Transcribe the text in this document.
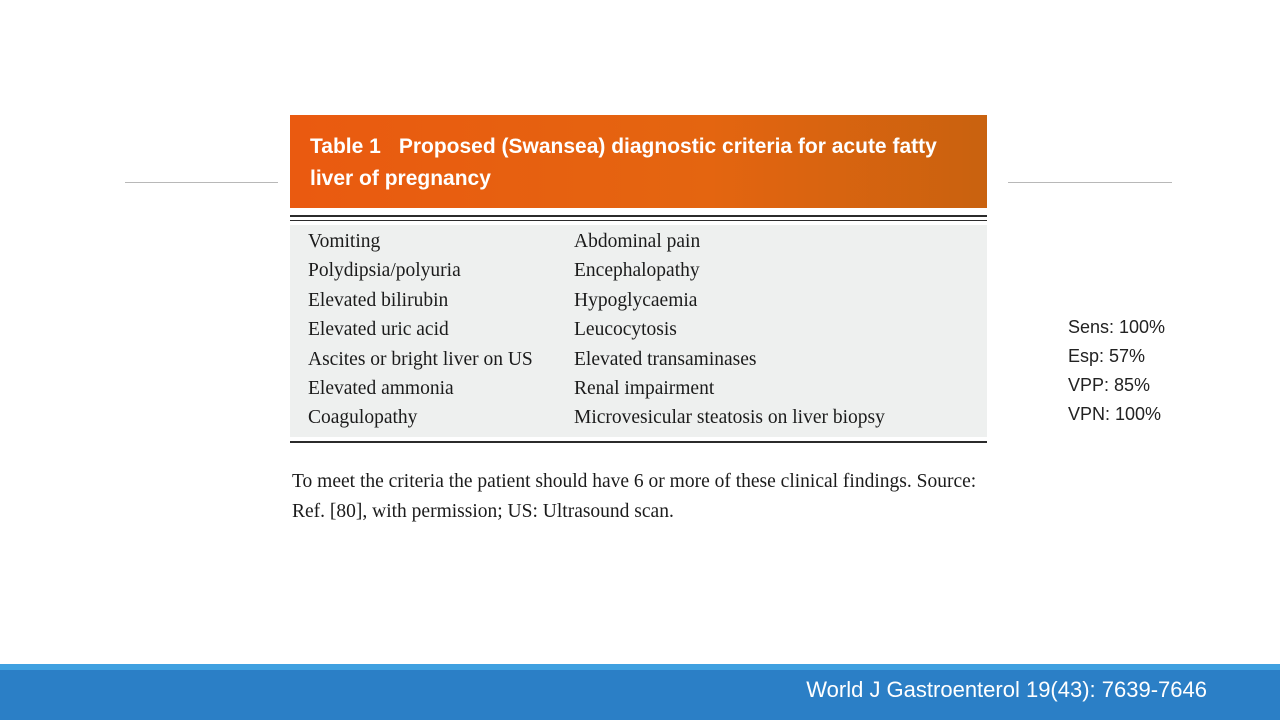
Table 1 Proposed (Swansea) diagnostic criteria for acute fatty liver of pregnancy
Vomiting	Abdominal pain
Polydipsia/polyuria	Encephalopathy
Elevated bilirubin	Hypoglycaemia
Elevated uric acid	Leucocytosis
Ascites or bright liver on US	Elevated transaminases
Elevated ammonia	Renal impairment
Coagulopathy	Microvesicular steatosis on liver biopsy
To meet the criteria the patient should have 6 or more of these clinical findings. Source: Ref. [80], with permission; US: Ultrasound scan.
Sens: 100%
Esp: 57%
VPP: 85%
VPN: 100%
World J Gastroenterol 19(43): 7639-7646
